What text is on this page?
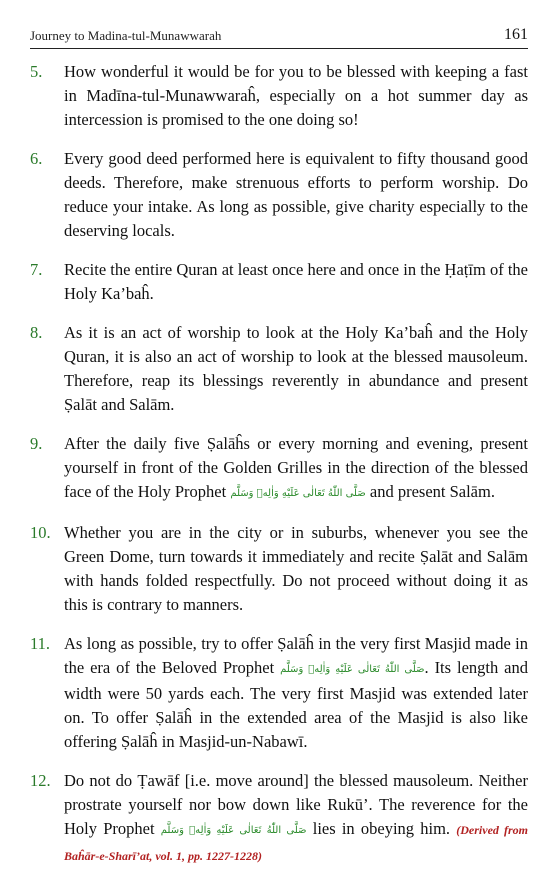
Journey to Madina-tul-Munawwarah	161
5.	How wonderful it would be for you to be blessed with keeping a fast in Madīna-tul-Munawwaraĥ, especially on a hot summer day as intercession is promised to the one doing so!
6.	Every good deed performed here is equivalent to fifty thousand good deeds. Therefore, make strenuous efforts to perform worship. Do reduce your intake. As long as possible, give charity especially to the deserving locals.
7.	Recite the entire Quran at least once here and once in the Ḥaṭīm of the Holy Ka’baĥ.
8.	As it is an act of worship to look at the Holy Ka’baĥ and the Holy Quran, it is also an act of worship to look at the blessed mausoleum. Therefore, reap its blessings reverently in abundance and present Ṣalāt and Salām.
9.	After the daily five Ṣalāĥs or every morning and evening, present yourself in front of the Golden Grilles in the direction of the blessed face of the Holy Prophet صَلَّى اللّٰهُ تَعَالٰى عَلَيْهِ وَاٰلِهٖ وَسَلَّم and present Salām.
10. Whether you are in the city or in suburbs, whenever you see the Green Dome, turn towards it immediately and recite Ṣalāt and Salām with hands folded respectfully. Do not proceed without doing it as this is contrary to manners.
11. As long as possible, try to offer Ṣalāĥ in the very first Masjid made in the era of the Beloved Prophet صَلَّى اللّٰهُ تَعَالٰى عَلَيْهِ وَاٰلِهٖ وَسَلَّم. Its length and width were 50 yards each. The very first Masjid was extended later on. To offer Ṣalāĥ in the extended area of the Masjid is also like offering Ṣalāĥ in Masjid-un-Nabawī.
12. Do not do Ṭawāf [i.e. move around] the blessed mausoleum. Neither prostrate yourself nor bow down like Rukū’. The reverence for the Holy Prophet صَلَّى اللّٰهُ تَعَالٰى عَلَيْهِ وَاٰلِهٖ وَسَلَّم lies in obeying him. (Derived from Baĥār-e-Sharī’at, vol. 1, pp. 1227-1228)
